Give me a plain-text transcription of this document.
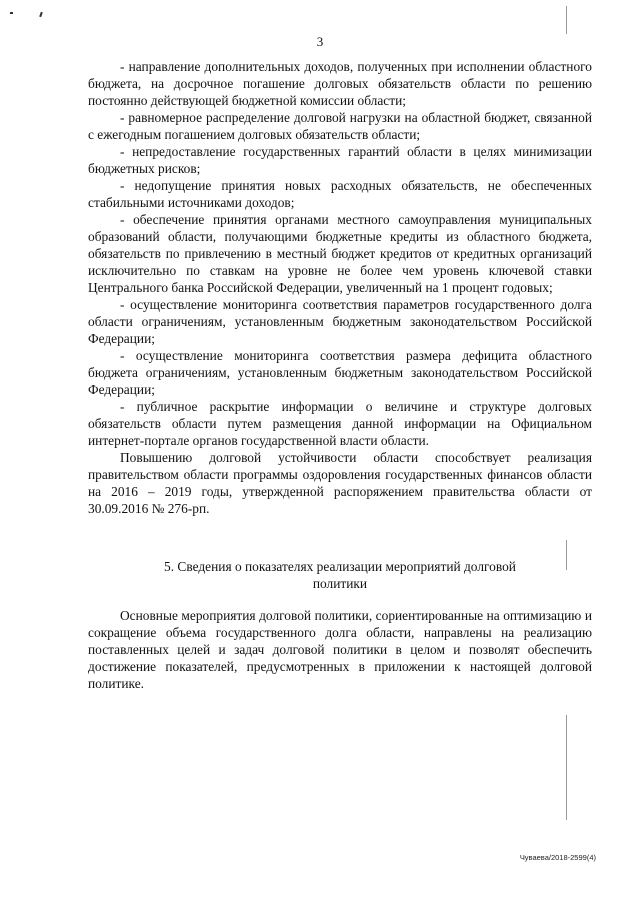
3

- направление дополнительных доходов, полученных при исполнении областного бюджета, на досрочное погашение долговых обязательств области по решению постоянно действующей бюджетной комиссии области;

- равномерное распределение долговой нагрузки на областной бюджет, связанной с ежегодным погашением долговых обязательств области;

- непредоставление государственных гарантий области в целях минимизации бюджетных рисков;

- недопущение принятия новых расходных обязательств, не обеспеченных стабильными источниками доходов;

- обеспечение принятия органами местного самоуправления муниципальных образований области, получающими бюджетные кредиты из областного бюджета, обязательств по привлечению в местный бюджет кредитов от кредитных организаций исключительно по ставкам на уровне не более чем уровень ключевой ставки Центрального банка Российской Федерации, увеличенный на 1 процент годовых;

- осуществление мониторинга соответствия параметров государственного долга области ограничениям, установленным бюджетным законодательством Российской Федерации;

- осуществление мониторинга соответствия размера дефицита областного бюджета ограничениям, установленным бюджетным законодательством Российской Федерации;

- публичное раскрытие информации о величине и структуре долговых обязательств области путем размещения данной информации на Официальном интернет-портале органов государственной власти области.

Повышению долговой устойчивости области способствует реализация правительством области программы оздоровления государственных финансов области на 2016 – 2019 годы, утвержденной распоряжением правительства области от 30.09.2016 № 276-рп.

5. Сведения о показателях реализации мероприятий долговой
политики

Основные мероприятия долговой политики, сориентированные на оптимизацию и сокращение объема государственного долга области, направлены на реализацию поставленных целей и задач долговой политики в целом и позволят обеспечить достижение показателей, предусмотренных в приложении к настоящей долговой политике.

Чуваева/2018-2599(4)
